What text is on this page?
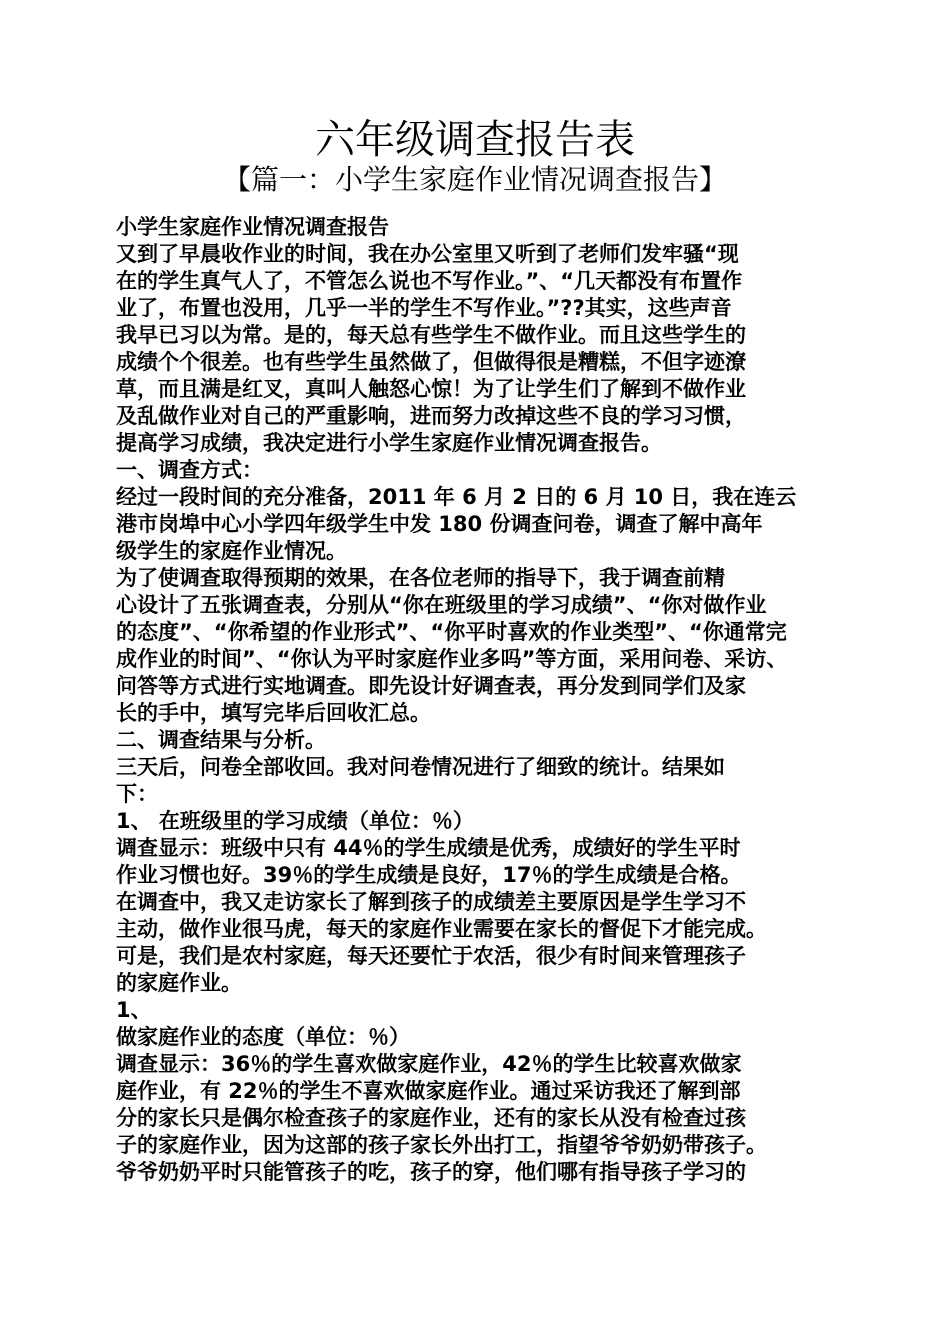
六年级调查报告表
【篇一：小学生家庭作业情况调查报告】
小学生家庭作业情况调查报告
又到了早晨收作业的时间，我在办公室里又听到了老师们发牢骚“现
在的学生真气人了，不管怎么说也不写作业。”、“几天都没有布置作
业了，布置也没用，几乎一半的学生不写作业。”??其实，这些声音
我早已习以为常。是的，每天总有些学生不做作业。而且这些学生的
成绩个个很差。也有些学生虽然做了，但做得很是糟糕，不但字迹潦
草，而且满是红叉，真叫人触怒心惊！为了让学生们了解到不做作业
及乱做作业对自己的严重影响，进而努力改掉这些不良的学习习惯，
提高学习成绩，我决定进行小学生家庭作业情况调查报告。
一、调查方式：
经过一段时间的充分准备，2011 年 6 月 2 日的 6 月 10 日，我在连云
港市岗埠中心小学四年级学生中发 180 份调查问卷，调查了解中高年
级学生的家庭作业情况。
为了使调查取得预期的效果，在各位老师的指导下，我于调查前精
心设计了五张调查表，分别从“你在班级里的学习成绩”、“你对做作业
的态度”、“你希望的作业形式”、“你平时喜欢的作业类型”、“你通常完
成作业的时间”、“你认为平时家庭作业多吗”等方面，采用问卷、采访、
问答等方式进行实地调查。即先设计好调查表，再分发到同学们及家
长的手中，填写完毕后回收汇总。
二、调查结果与分析。
三天后，问卷全部收回。我对问卷情况进行了细致的统计。结果如
下：
1、 在班级里的学习成绩（单位：％）
调查显示：班级中只有 44％的学生成绩是优秀，成绩好的学生平时
作业习惯也好。39％的学生成绩是良好，17％的学生成绩是合格。
在调查中，我又走访家长了解到孩子的成绩差主要原因是学生学习不
主动，做作业很马虎，每天的家庭作业需要在家长的督促下才能完成。
可是，我们是农村家庭，每天还要忙于农活，很少有时间来管理孩子
的家庭作业。
1、
做家庭作业的态度（单位：％）
调查显示：36％的学生喜欢做家庭作业，42％的学生比较喜欢做家
庭作业，有 22％的学生不喜欢做家庭作业。通过采访我还了解到部
分的家长只是偶尔检查孩子的家庭作业，还有的家长从没有检查过孩
子的家庭作业，因为这部的孩子家长外出打工，指望爷爷奶奶带孩子。
爷爷奶奶平时只能管孩子的吃，孩子的穿，他们哪有指导孩子学习的
